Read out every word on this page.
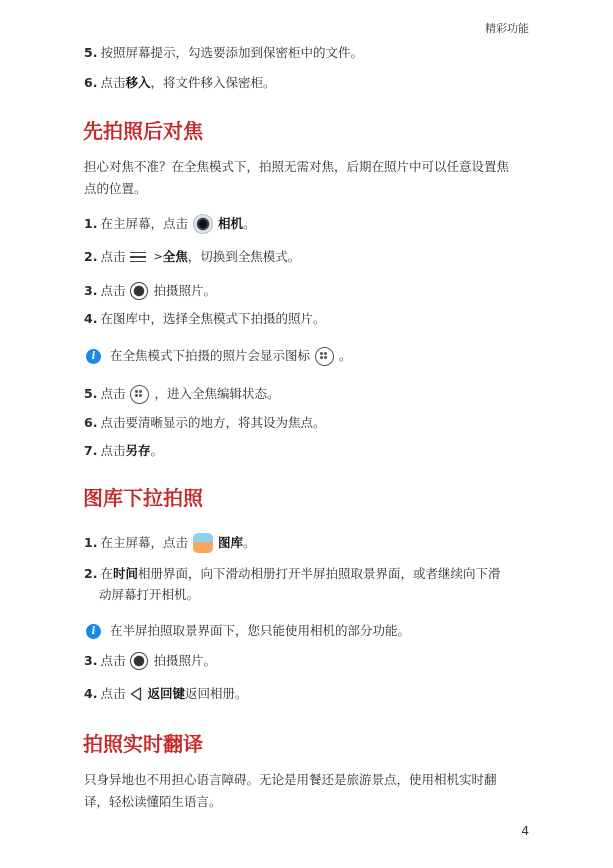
精彩功能
5. 按照屏幕提示，勾选要添加到保密柜中的文件。
6. 点击 移入 ，将文件移入保密柜。
先拍照后对焦
担心对焦不准？在全焦模式下，拍照无需对焦，后期在照片中可以任意设置焦
点的位置。
1. 在主屏幕，点击 相机 。
2. 点击	> 全焦 ，切换到全焦模式。
3. 点击 拍摄照片。
4. 在图库中，选择全焦模式下拍摄的照片。
i	在全焦模式下拍摄的照片会显示图标 。
5. 点击 ，进入全焦编辑状态。
6. 点击要清晰显示的地方，将其设为焦点。
7. 点击 另存 。
图库下拉拍照
1. 在主屏幕，点击 图库 。
2. 在 时间 相册界面，向下滑动相册打开半屏拍照取景界面，或者继续向下滑
动屏幕打开相机。
i	在半屏拍照取景界面下，您只能使用相机的部分功能。
3. 点击 拍摄照片。
4. 点击 返回键 返回相册。
拍照实时翻译
只身异地也不用担心语言障碍。无论是用餐还是旅游景点，使用相机实时翻
译，轻松读懂陌生语言。
4
